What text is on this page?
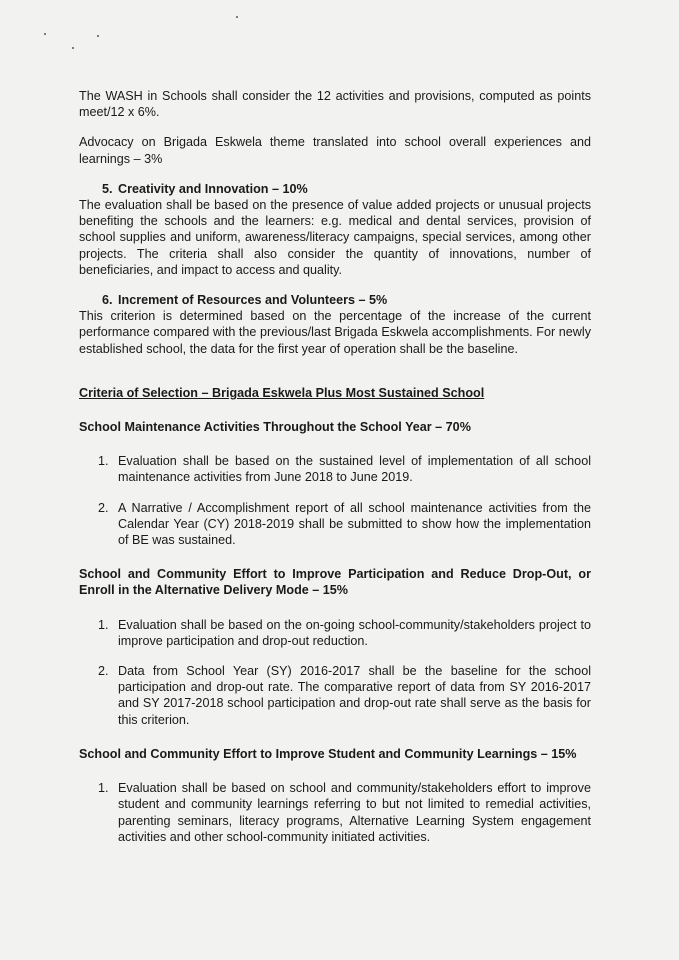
The WASH in Schools shall consider the 12 activities and provisions, computed as points meet/12 x 6%.

Advocacy on Brigada Eskwela theme translated into school overall experiences and learnings – 3%

5. Creativity and Innovation – 10%

The evaluation shall be based on the presence of value added projects or unusual projects benefiting the schools and the learners: e.g. medical and dental services, provision of school supplies and uniform, awareness/literacy campaigns, special services, among other projects. The criteria shall also consider the quantity of innovations, number of beneficiaries, and impact to access and quality.

6. Increment of Resources and Volunteers – 5%

This criterion is determined based on the percentage of the increase of the current performance compared with the previous/last Brigada Eskwela accomplishments. For newly established school, the data for the first year of operation shall be the baseline.

Criteria of Selection – Brigada Eskwela Plus Most Sustained School

School Maintenance Activities Throughout the School Year – 70%

1. Evaluation shall be based on the sustained level of implementation of all school maintenance activities from June 2018 to June 2019.
2. A Narrative / Accomplishment report of all school maintenance activities from the Calendar Year (CY) 2018-2019 shall be submitted to show how the implementation of BE was sustained.

School and Community Effort to Improve Participation and Reduce Drop-Out, or Enroll in the Alternative Delivery Mode – 15%

1. Evaluation shall be based on the on-going school-community/stakeholders project to improve participation and drop-out reduction.
2. Data from School Year (SY) 2016-2017 shall be the baseline for the school participation and drop-out rate. The comparative report of data from SY 2016-2017 and SY 2017-2018 school participation and drop-out rate shall serve as the basis for this criterion.

School and Community Effort to Improve Student and Community Learnings – 15%

1. Evaluation shall be based on school and community/stakeholders effort to improve student and community learnings referring to but not limited to remedial activities, parenting seminars, literacy programs, Alternative Learning System engagement activities and other school-community initiated activities.
